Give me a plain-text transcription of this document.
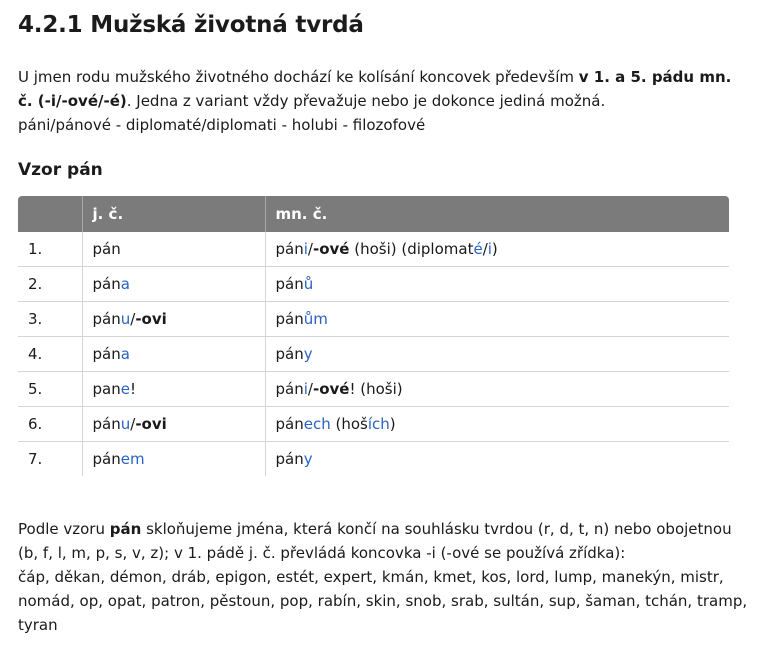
4.2.1 Mužská životná tvrdá

U jmen rodu mužského životného dochází ke kolísání koncovek především v 1. a 5. pádu mn. č. (-i/-ové/-é). Jedna z variant vždy převažuje nebo je dokonce jediná možná.

páni/pánové - diplomaté/diplomati - holubi - filozofové

Vzor pán
	j. č.	mn. č.
1.	pán	páni/-ové (hoši) (diplomaté/i)
2.	pána	pánů
3.	pánu/-ovi	pánům
4.	pána	pány
5.	pane!	páni/-ové! (hoši)
6.	pánu/-ovi	pánech (hoších)
7.	pánem	pány

Podle vzoru pán skloňujeme jména, která končí na souhlásku tvrdou (r, d, t, n) nebo obojetnou (b, f, l, m, p, s, v, z); v 1. pádě j. č. převládá koncovka -i (-ové se používá zřídka):

čáp, děkan, démon, dráb, epigon, estét, expert, kmán, kmet, kos, lord, lump, manekýn, mistr, nomád, op, opat, patron, pěstoun, pop, rabín, skin, snob, srab, sultán, sup, šaman, tchán, tramp, tyran
